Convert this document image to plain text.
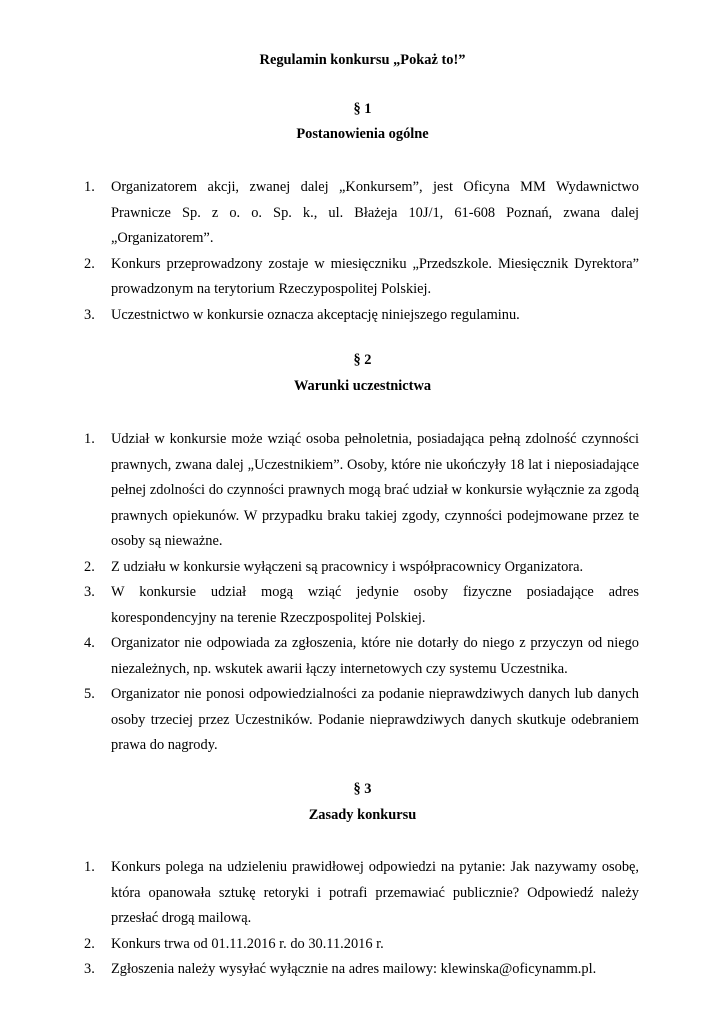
Regulamin konkursu „Pokaż to!”

§ 1

Postanowienia ogólne

1. Organizatorem akcji, zwanej dalej „Konkursem”, jest Oficyna MM Wydawnictwo Prawnicze Sp. z o. o. Sp. k., ul. Błażeja 10J/1, 61-608 Poznań, zwana dalej „Organizatorem”.
2. Konkurs przeprowadzony zostaje w miesięczniku „Przedszkole. Miesięcznik Dyrektora” prowadzonym na terytorium Rzeczypospolitej Polskiej.
3. Uczestnictwo w konkursie oznacza akceptację niniejszego regulaminu.

§ 2

Warunki uczestnictwa

1. Udział w konkursie może wziąć osoba pełnoletnia, posiadająca pełną zdolność czynności prawnych, zwana dalej „Uczestnikiem”. Osoby, które nie ukończyły 18 lat i nieposiadające pełnej zdolności do czynności prawnych mogą brać udział w konkursie wyłącznie za zgodą prawnych opiekunów. W przypadku braku takiej zgody, czynności podejmowane przez te osoby są nieważne.
2. Z udziału w konkursie wyłączeni są pracownicy i współpracownicy Organizatora.
3. W konkursie udział mogą wziąć jedynie osoby fizyczne posiadające adres korespondencyjny na terenie Rzeczpospolitej Polskiej.
4. Organizator nie odpowiada za zgłoszenia, które nie dotarły do niego z przyczyn od niego niezależnych, np. wskutek awarii łączy internetowych czy systemu Uczestnika.
5. Organizator nie ponosi odpowiedzialności za podanie nieprawdziwych danych lub danych osoby trzeciej przez Uczestników. Podanie nieprawdziwych danych skutkuje odebraniem prawa do nagrody.

§ 3

Zasady konkursu

1. Konkurs polega na udzieleniu prawidłowej odpowiedzi na pytanie: Jak nazywamy osobę, która opanowała sztukę retoryki i potrafi przemawiać publicznie? Odpowiedź należy przesłać drogą mailową.
2. Konkurs trwa od 01.11.2016 r. do 30.11.2016 r.
3. Zgłoszenia należy wysyłać wyłącznie na adres mailowy: klewinska@oficynamm.pl.
